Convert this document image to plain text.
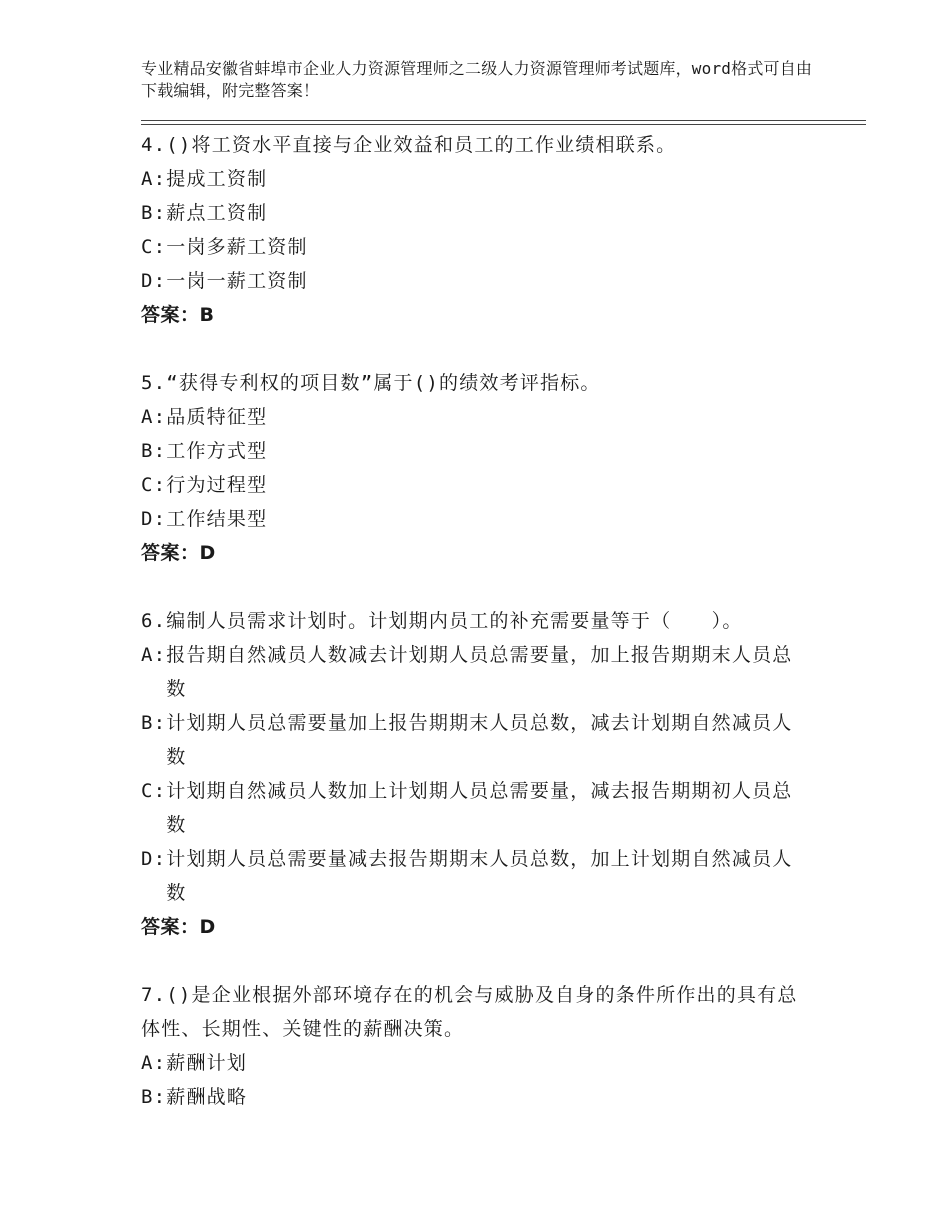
专业精品安徽省蚌埠市企业人力资源管理师之二级人力资源管理师考试题库，word格式可自由下载编辑，附完整答案！
4.()将工资水平直接与企业效益和员工的工作业绩相联系。
A: 提成工资制
B: 薪点工资制
C: 一岗多薪工资制
D: 一岗一薪工资制
答案：B
5.“获得专利权的项目数”属于()的绩效考评指标。
A: 品质特征型
B: 工作方式型
C: 行为过程型
D: 工作结果型
答案：D
6.编制人员需求计划时。计划期内员工的补充需要量等于（　　）。
A: 报告期自然减员人数减去计划期人员总需要量，加上报告期期末人员总数
B: 计划期人员总需要量加上报告期期末人员总数，减去计划期自然减员人数
C: 计划期自然减员人数加上计划期人员总需要量，减去报告期期初人员总数
D: 计划期人员总需要量减去报告期期末人员总数，加上计划期自然减员人数
答案：D
7.()是企业根据外部环境存在的机会与威胁及自身的条件所作出的具有总体性、长期性、关键性的薪酬决策。
A: 薪酬计划
B: 薪酬战略
